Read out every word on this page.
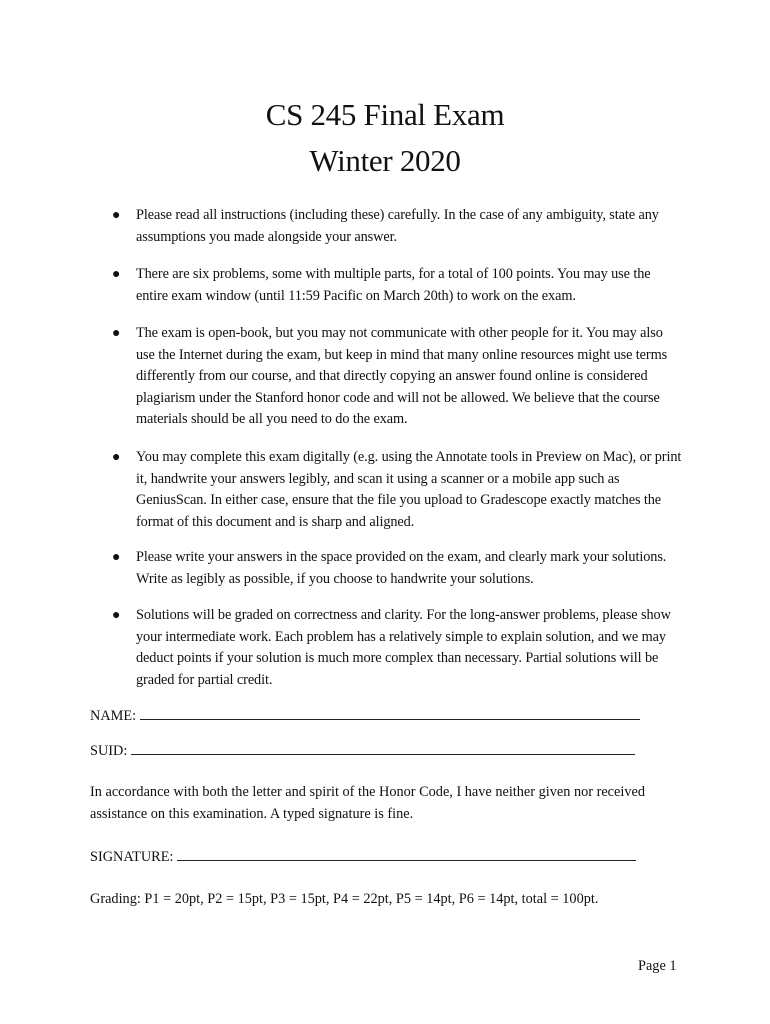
CS 245 Final Exam
Winter 2020
● Please read all instructions (including these) carefully. In the case of any ambiguity, state any assumptions you made alongside your answer.
● There are six problems, some with multiple parts, for a total of 100 points. You may use the entire exam window (until 11:59 Pacific on March 20th) to work on the exam.
● The exam is open-book, but you may not communicate with other people for it. You may also use the Internet during the exam, but keep in mind that many online resources might use terms differently from our course, and that directly copying an answer found online is considered plagiarism under the Stanford honor code and will not be allowed. We believe that the course materials should be all you need to do the exam.
● You may complete this exam digitally (e.g. using the Annotate tools in Preview on Mac), or print it, handwrite your answers legibly, and scan it using a scanner or a mobile app such as GeniusScan. In either case, ensure that the file you upload to Gradescope exactly matches the format of this document and is sharp and aligned.
● Please write your answers in the space provided on the exam, and clearly mark your solutions. Write as legibly as possible, if you choose to handwrite your solutions.
● Solutions will be graded on correctness and clarity. For the long-answer problems, please show your intermediate work. Each problem has a relatively simple to explain solution, and we may deduct points if your solution is much more complex than necessary. Partial solutions will be graded for partial credit.
NAME:
SUID:
In accordance with both the letter and spirit of the Honor Code, I have neither given nor received assistance on this examination. A typed signature is fine.
SIGNATURE:
Grading: P1 = 20pt, P2 = 15pt, P3 = 15pt, P4 = 22pt, P5 = 14pt, P6 = 14pt, total = 100pt.
Page 1
